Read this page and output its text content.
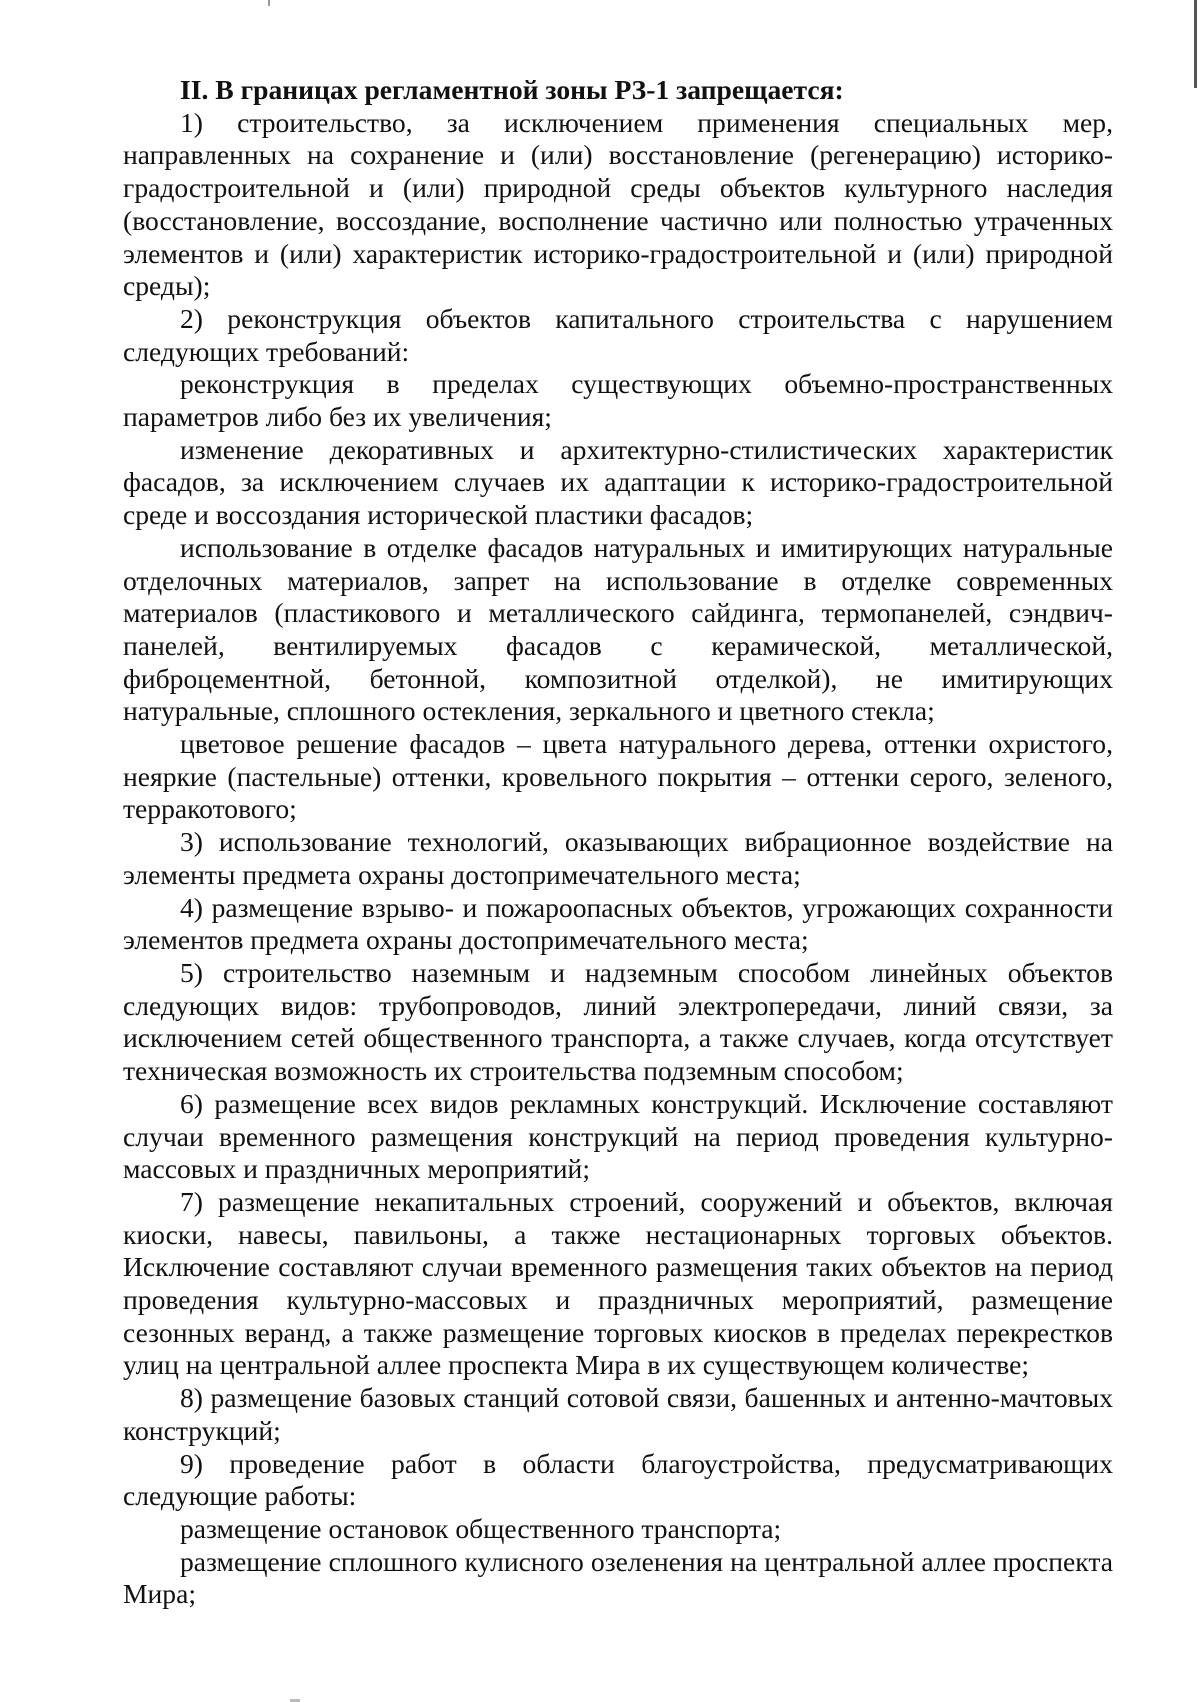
II. В границах регламентной зоны РЗ-1 запрещается:

1) строительство, за исключением применения специальных мер, направленных на сохранение и (или) восстановление (регенерацию) историко-градостроительной и (или) природной среды объектов культурного наследия (восстановление, воссоздание, восполнение частично или полностью утраченных элементов и (или) характеристик историко-градостроительной и (или) природной среды);

2) реконструкция объектов капитального строительства с нарушением следующих требований:

реконструкция в пределах существующих объемно-пространственных параметров либо без их увеличения;

изменение декоративных и архитектурно-стилистических характеристик фасадов, за исключением случаев их адаптации к историко-градостроительной среде и воссоздания исторической пластики фасадов;

использование в отделке фасадов натуральных и имитирующих натуральные отделочных материалов, запрет на использование в отделке современных материалов (пластикового и металлического сайдинга, термопанелей, сэндвич-панелей, вентилируемых фасадов с керамической, металлической, фиброцементной, бетонной, композитной отделкой), не имитирующих натуральные, сплошного остекления, зеркального и цветного стекла;

цветовое решение фасадов – цвета натурального дерева, оттенки охристого, неяркие (пастельные) оттенки, кровельного покрытия – оттенки серого, зеленого, терракотового;

3) использование технологий, оказывающих вибрационное воздействие на элементы предмета охраны достопримечательного места;

4) размещение взрыво- и пожароопасных объектов, угрожающих сохранности элементов предмета охраны достопримечательного места;

5) строительство наземным и надземным способом линейных объектов следующих видов: трубопроводов, линий электропередачи, линий связи, за исключением сетей общественного транспорта, а также случаев, когда отсутствует техническая возможность их строительства подземным способом;

6) размещение всех видов рекламных конструкций. Исключение составляют случаи временного размещения конструкций на период проведения культурно-массовых и праздничных мероприятий;

7) размещение некапитальных строений, сооружений и объектов, включая киоски, навесы, павильоны, а также нестационарных торговых объектов. Исключение составляют случаи временного размещения таких объектов на период проведения культурно-массовых и праздничных мероприятий, размещение сезонных веранд, а также размещение торговых киосков в пределах перекрестков улиц на центральной аллее проспекта Мира в их существующем количестве;

8) размещение базовых станций сотовой связи, башенных и антенно-мачтовых конструкций;

9) проведение работ в области благоустройства, предусматривающих следующие работы:

размещение остановок общественного транспорта;

размещение сплошного кулисного озеленения на центральной аллее проспекта Мира;
